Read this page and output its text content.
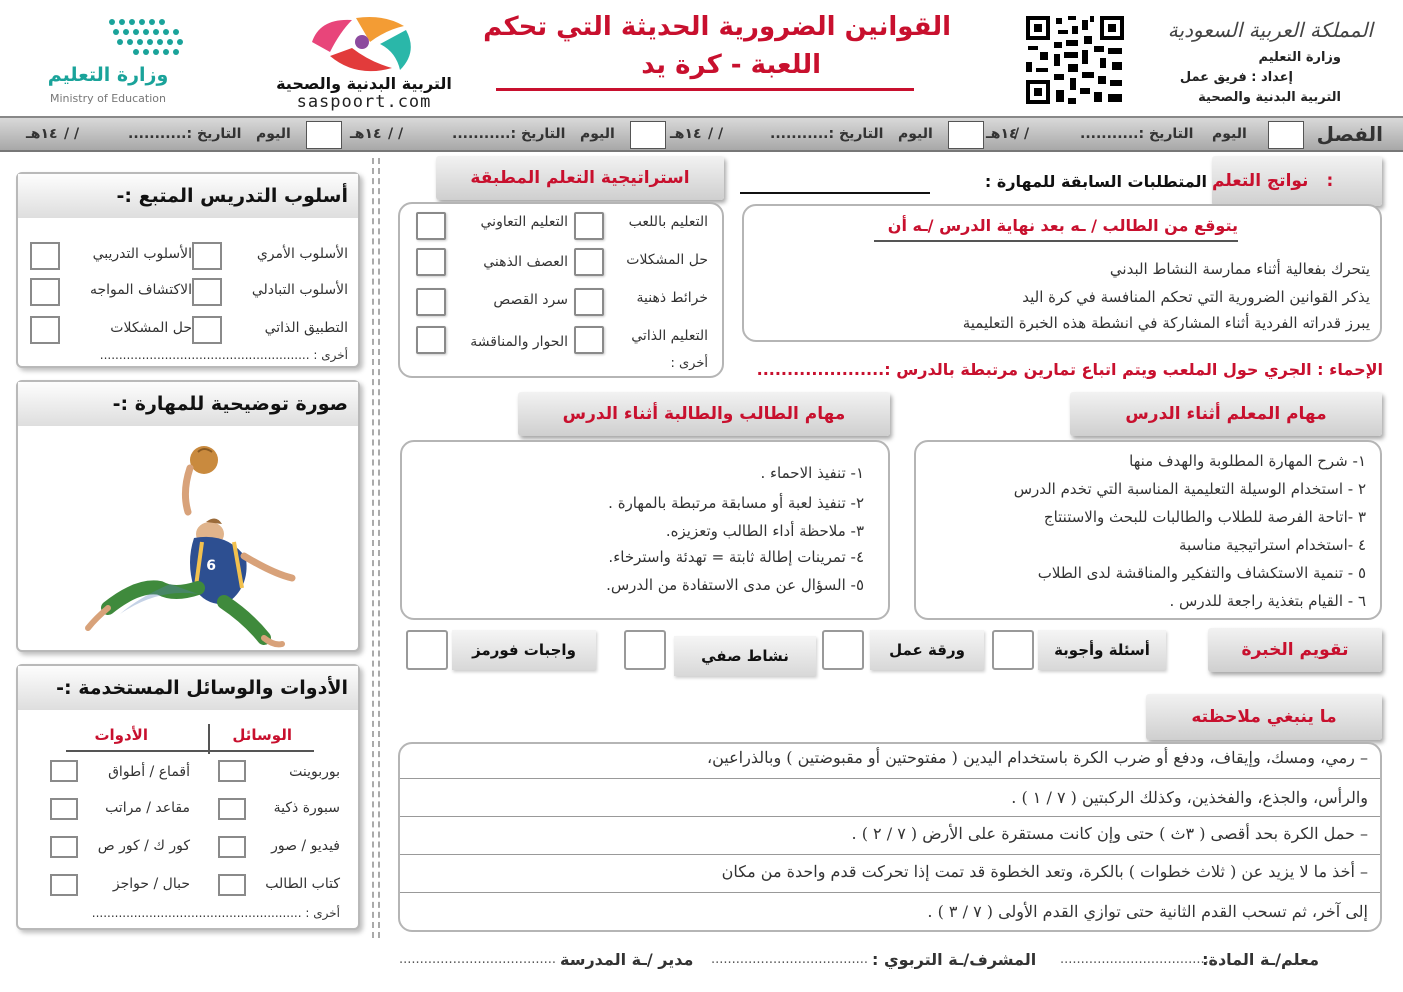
المملكة العربية السعودية
وزارة التعليم
إعداد : فريق عمل
التربية البدنية والصحية
القوانين الضرورية الحديثة التي تحكم
اللعبة - كرة يد
التربية البدنية والصحية
saspoort.com
وزارة التعليم
Ministry of Education
الفصل
اليوم
التاريخ :...........
/ /
١٤هـ
اليوم
التاريخ :...........
/ /
١٤هـ
اليوم
التاريخ :...........
/ /
١٤هـ
اليوم
التاريخ :...........
/ /
١٤هـ
:
نواتج التعلم
المتطلبات السابقة للمهارة :
يتوقع من الطالب / ـه بعد نهاية الدرس /ـه أن
يتحرك بفعالية أثناء ممارسة النشاط البدني
يذكر القوانين الضرورية التي تحكم المنافسة في كرة اليد
يبرز قدراته الفردية أثناء المشاركة في انشطة هذه الخبرة التعليمية
استراتيجية التعلم المطبقة
التعليم باللعب
التعليم التعاوني
حل المشكلات
العصف الذهني
خرائط ذهنية
سرد القصص
التعليم الذاتي
الحوار والمناقشة
أخرى :	الإحماء : الجري حول الملعب ويتم اتباع تمارين مرتبطة بالدرس :.....................
مهام المعلم أثناء الدرس
١- شرح المهارة المطلوبة والهدف منها
٢ - استخدام الوسيلة التعليمية المناسبة التي تخدم الدرس
٣ -اتاحة الفرصة للطلاب والطالبات للبحث والاستنتاج
٤ -استخدام استراتيجية مناسبة
٥ - تنمية الاستكشاف والتفكير والمناقشة لدى الطلاب
٦ - القيام بتغذية راجعة للدرس .
مهام الطالب والطالبة أثناء الدرس
١- تنفيذ الاحماء .
٢- تنفيذ لعبة أو مسابقة مرتبطة بالمهارة .
٣- ملاحظة أداء الطالب وتعزيزه.
٤- تمرينات إطالة ثابتة = تهدئة واسترخاء.
٥- السؤال عن مدى الاستفادة من الدرس.
تقويم الخبرة
أسئلة وأجوبة
ورقة عمل
نشاط صفي
واجبات فورمز
ما ينبغي ملاحظته
– رمي، ومسك، وإيقاف، ودفع أو ضرب الكرة باستخدام اليدين ( مفتوحتين أو مقبوضتين ) وبالذراعين،
والرأس، والجذع، والفخذين، وكذلك الركبتين ( ٧ / ١ ) .
– حمل الكرة بحد أقصى ( ٣ث ) حتى وإن كانت مستقرة على الأرض ( ٧ / ٢ ) .
– أخذ ما لا يزيد عن ( ثلاث خطوات ) بالكرة، وتعد الخطوة قد تمت إذا تحركت قدم واحدة من مكان
إلى آخر، ثم تسحب القدم الثانية حتى توازي القدم الأولى ( ٧ / ٣ ) .
معلم/ـة المادة:
......................................
المشرف/ـة التربوي :
......................................
مدير /ـة المدرسة
......................................
أسلوب التدريس المتبع :-
الأسلوب الأمري
الأسلوب التدريبي
الأسلوب التبادلي
الاكتشاف المواجه
التطبيق الذاتي
حل المشكلات
أخرى : .......................................................
صورة توضيحية للمهارة :-
6
الأدوات والوسائل المستخدمة :-
الوسائل
الأدوات
بوربوينت
أقماع / أطواق
سبورة ذكية
مقاعد / مراتب
فيديو / صور
كور ك / كور ص
كتاب الطالب
حبال / حواجز
أخرى : .......................................................
